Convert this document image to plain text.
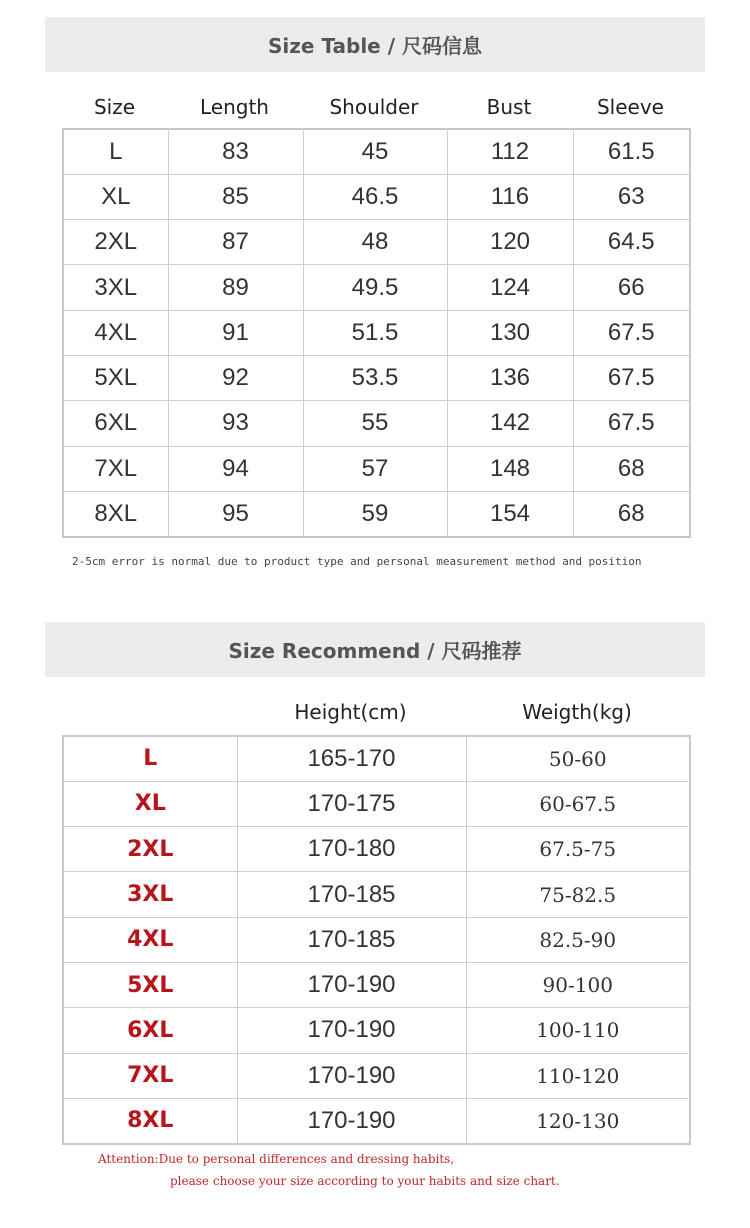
Size Table / 尺码信息
Size	Length	Shoulder	Bust	Sleeve
L	83	45	112	61.5
XL	85	46.5	116	63
2XL	87	48	120	64.5
3XL	89	49.5	124	66
4XL	91	51.5	130	67.5
5XL	92	53.5	136	67.5
6XL	93	55	142	67.5
7XL	94	57	148	68
8XL	95	59	154	68
2-5cm error is normal due to product type and personal measurement method and position
Size Recommend / 尺码推荐
Height(cm)	Weigth(kg)
L	165-170	50-60
XL	170-175	60-67.5
2XL	170-180	67.5-75
3XL	170-185	75-82.5
4XL	170-185	82.5-90
5XL	170-190	90-100
6XL	170-190	100-110
7XL	170-190	110-120
8XL	170-190	120-130
Attention:Due to personal differences and dressing habits,
please choose your size according to your habits and size chart.
